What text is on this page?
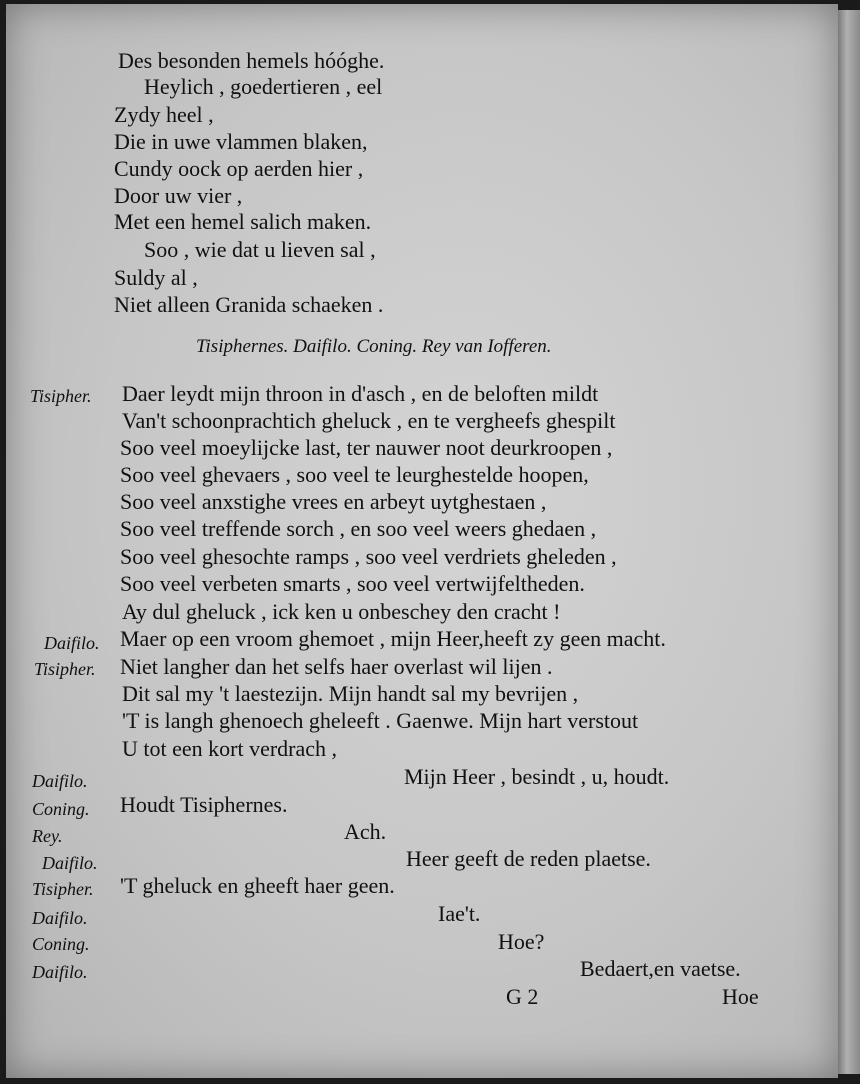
Des besonden hemels hóóghe.
Heylich , goedertieren , eel
Zydy heel ,
Die in uwe vlammen blaken,
Cundy oock op aerden hier ,
Door uw vier ,
Met een hemel salich maken.
Soo , wie dat u lieven sal ,
Suldy al ,
Niet alleen Granida schaeken .
Tisiphernes. Daifilo. Coning. Rey van Iofferen.
Tisipher.
Daifilo.
Tisipher.
Daifilo.
Coning.
Rey.
Daifilo.
Tisipher.
Daifilo.
Coning.
Daifilo.
Daer leydt mijn throon in d'asch , en de beloften mildt
Van't schoonprachtich gheluck , en te vergheefs ghespilt
Soo veel moeylijcke last, ter nauwer noot deurkroopen ,
Soo veel ghevaers , soo veel te leurghestelde hoopen,
Soo veel anxstighe vrees en arbeyt uytghestaen ,
Soo veel treffende sorch , en soo veel weers ghedaen ,
Soo veel ghesochte ramps , soo veel verdriets gheleden ,
Soo veel verbeten smarts , soo veel vertwijfeltheden.
Ay dul gheluck , ick ken u onbeschey den cracht !
Maer op een vroom ghemoet , mijn Heer,heeft zy geen macht.
Niet langher dan het selfs haer overlast wil lijen .
Dit sal my 't laestezijn. Mijn handt sal my bevrijen ,
'T is langh ghenoech gheleeft . Gaenwe. Mijn hart verstout
U tot een kort verdrach ,
Mijn Heer , besindt , u, houdt.
Houdt Tisiphernes.
Ach.
Heer geeft de reden plaetse.
'T gheluck en gheeft haer geen.
Iae't.
Hoe?
Bedaert,en vaetse.
G 2	Hoe
